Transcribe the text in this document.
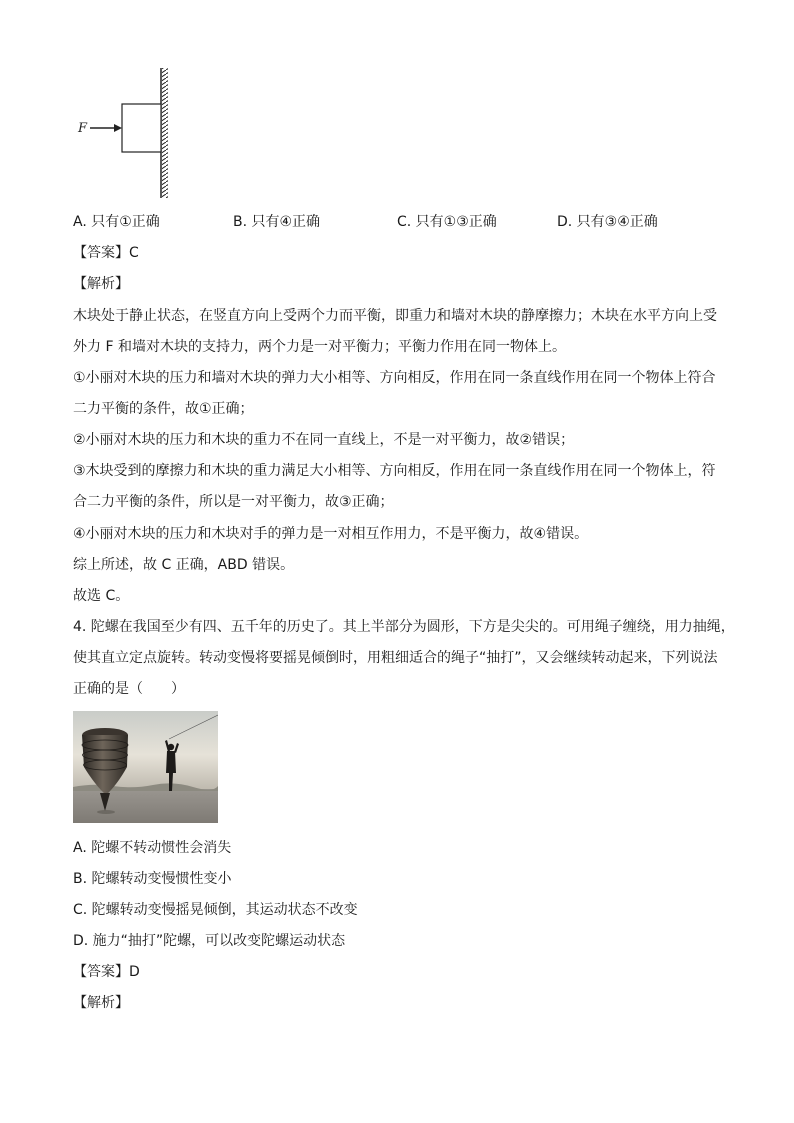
F
A. 只有①正确	B. 只有④正确	C. 只有①③正确	D. 只有③④正确
【答案】C
【解析】
木块处于静止状态，在竖直方向上受两个力而平衡，即重力和墙对木块的静摩擦力；木块在水平方向上受
外力 F 和墙对木块的支持力，两个力是一对平衡力；平衡力作用在同一物体上。
①小丽对木块的压力和墙对木块的弹力大小相等、方向相反，作用在同一条直线作用在同一个物体上符合
二力平衡的条件，故①正确；
②小丽对木块的压力和木块的重力不在同一直线上，不是一对平衡力，故②错误；
③木块受到的摩擦力和木块的重力满足大小相等、方向相反，作用在同一条直线作用在同一个物体上，符
合二力平衡的条件，所以是一对平衡力，故③正确；
④小丽对木块的压力和木块对手的弹力是一对相互作用力，不是平衡力，故④错误。
综上所述，故 C 正确，ABD 错误。
故选 C。
4. 陀螺在我国至少有四、五千年的历史了。其上半部分为圆形，下方是尖尖的。可用绳子缠绕，用力抽绳，
使其直立定点旋转。转动变慢将要摇晃倾倒时，用粗细适合的绳子“抽打”，又会继续转动起来，下列说法
正确的是（　　）
A. 陀螺不转动惯性会消失
B. 陀螺转动变慢惯性变小
C. 陀螺转动变慢摇晃倾倒，其运动状态不改变
D. 施力“抽打”陀螺，可以改变陀螺运动状态
【答案】D
【解析】
